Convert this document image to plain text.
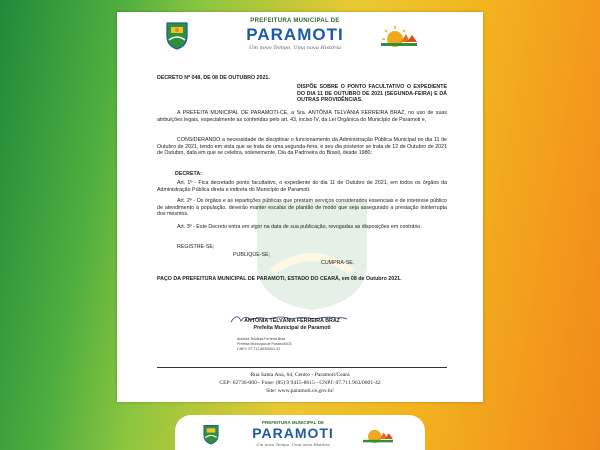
PREFEITURA MUNICIPAL DE
PARAMOTI
Um novo Tempo, Uma nova História
DECRETO Nº 048, DE 08 DE OUTUBRO 2021.
DISPÕE SOBRE O PONTO FACULTATIVO O EXPEDIENTE DO DIA 11 DE OUTUBRO DE 2021 (SEGUNDA-FEIRA) E DÁ OUTRAS PROVIDÊNCIAS.
A PREFEITA MUNICIPAL DE PARAMOTI-CE, a Sra. ANTÔNIA TELVÂNIA FERREIRA BRAZ, no uso de suas atribuições legais, especialmente as conferidas pelo art. 43, inciso IV, da Lei Orgânica do Município de Paramoti e,
CONSIDERANDO a necessidade de disciplinar o funcionamento da Administração Pública Municipal no dia 11 de Outubro de 2021, tendo em vista que se trata de uma segunda-feira, e seu dia posterior se trata de 12 de Outubro de 2021 de Outubro, data em que se celebra, solenemente, Dia da Padroeira do Brasil, desde 1980;
DECRETA:
Art. 1º - Fica decretado ponto facultativo, o expediente do dia 11 de Outubro de 2021, em todos os órgãos da Administração Pública direta e indireta do Município de Paramoti.
Art. 2º - Os órgãos e as repartições públicas que prestam serviços considerados essenciais e de interesse público de atendimento à população, deverão manter escalas de plantão de modo que seja assegurado a prestação ininterrupta dos mesmos.
Art. 3º - Este Decreto entra em vigor na data de sua publicação, revogadas as disposições em contrário.
REGISTRE-SE;
PUBLIQUE-SE;
CUMPRA-SE.
PAÇO DA PREFEITURA MUNICIPAL DE PARAMOTI, ESTADO DO CEARÁ, em 08 de Outubro 2021.
ANTÔNIA TELVÂNIA FERREIRA BRAZ
Prefeita Municipal de Paramoti
Antônia Telvânia Ferreira Braz
Prefeita Municipal de Paramoti/CE
CNPJ: 07.711.963/0001-42
Rua Santa Ana, 64, Centro - Paramoti/Ceará
CEP: 62736-000 - Fone: (85) 9 9415-8615 - CNPJ: 07.711.963/0001-42
Site: www.paramoti.ce.gov.br/
PREFEITURA MUNICIPAL DE
PARAMOTI
Um novo Tempo, Uma nova História
